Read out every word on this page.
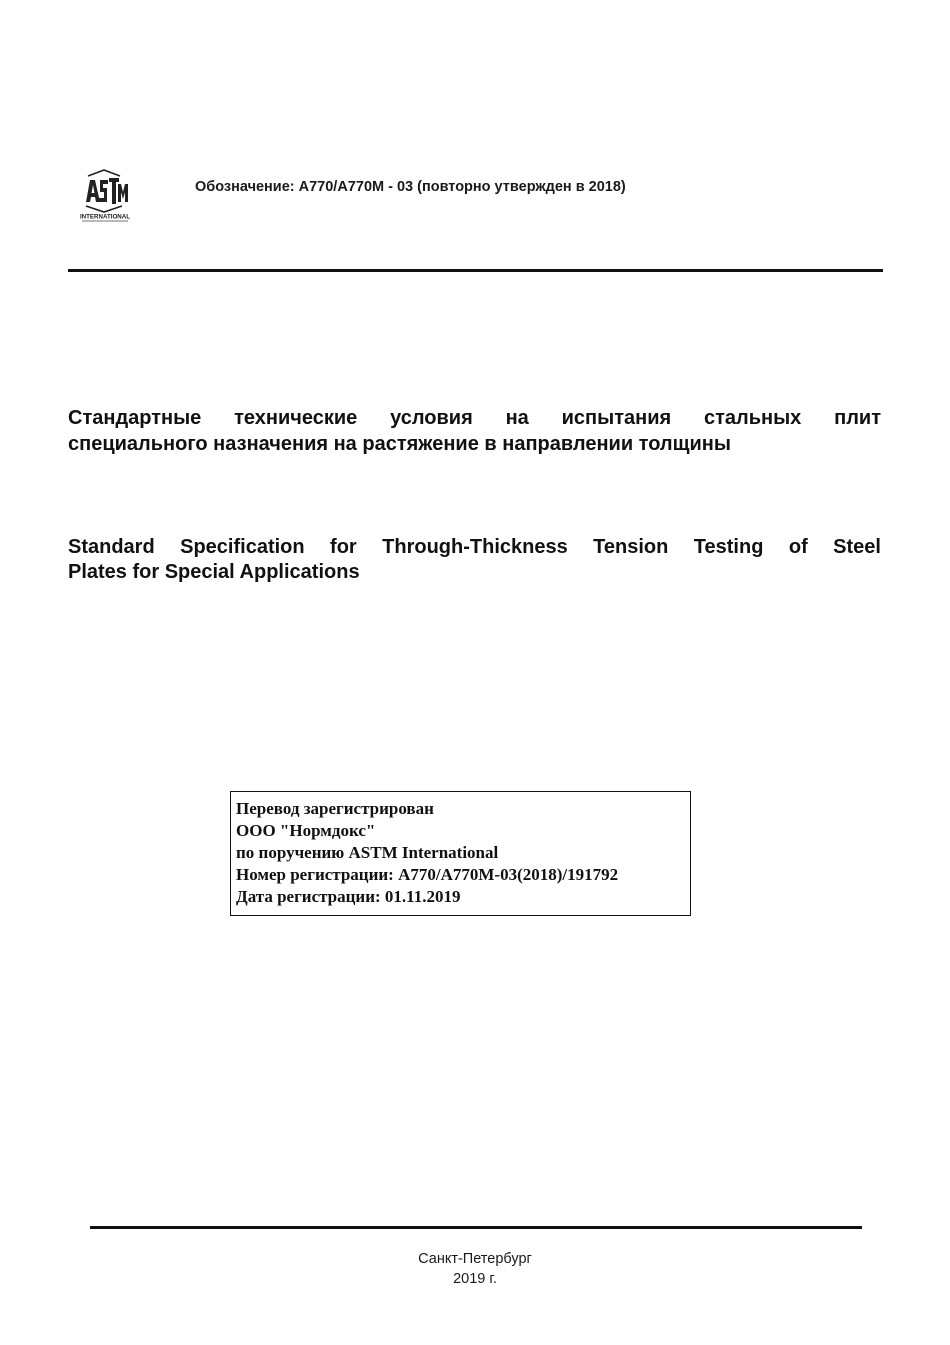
INTERNATIONAL
Обозначение: A770/A770M - 03 (повторно утвержден в 2018)
Стандартные технические условия на испытания стальных плит
специального назначения на растяжение в направлении толщины
Standard Specification for Through-Thickness Tension Testing of Steel
Plates for Special Applications
Перевод зарегистрирован
ООО "Нормдокс"
по поручению ASTM International
Номер регистрации: A770/A770M-03(2018)/191792
Дата регистрации: 01.11.2019
Санкт-Петербург
2019 г.
